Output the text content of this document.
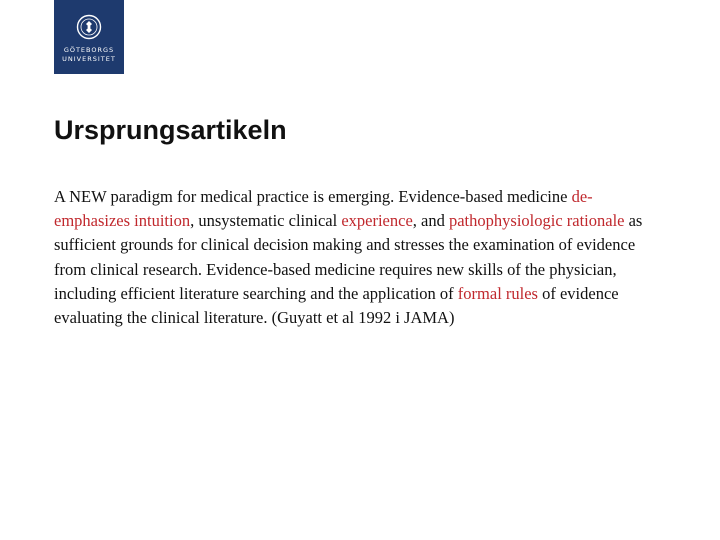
GÖTEBORGS
UNIVERSITET
Ursprungsartikeln

A NEW paradigm for medical practice is emerging. Evidence-based medicine de-emphasizes intuition, unsystematic clinical experience, and pathophysiologic rationale as sufficient grounds for clinical decision making and stresses the examination of evidence from clinical research. Evidence-based medicine requires new skills of the physician, including efficient literature searching and the application of formal rules of evidence evaluating the clinical literature. (Guyatt et al 1992 i JAMA)
